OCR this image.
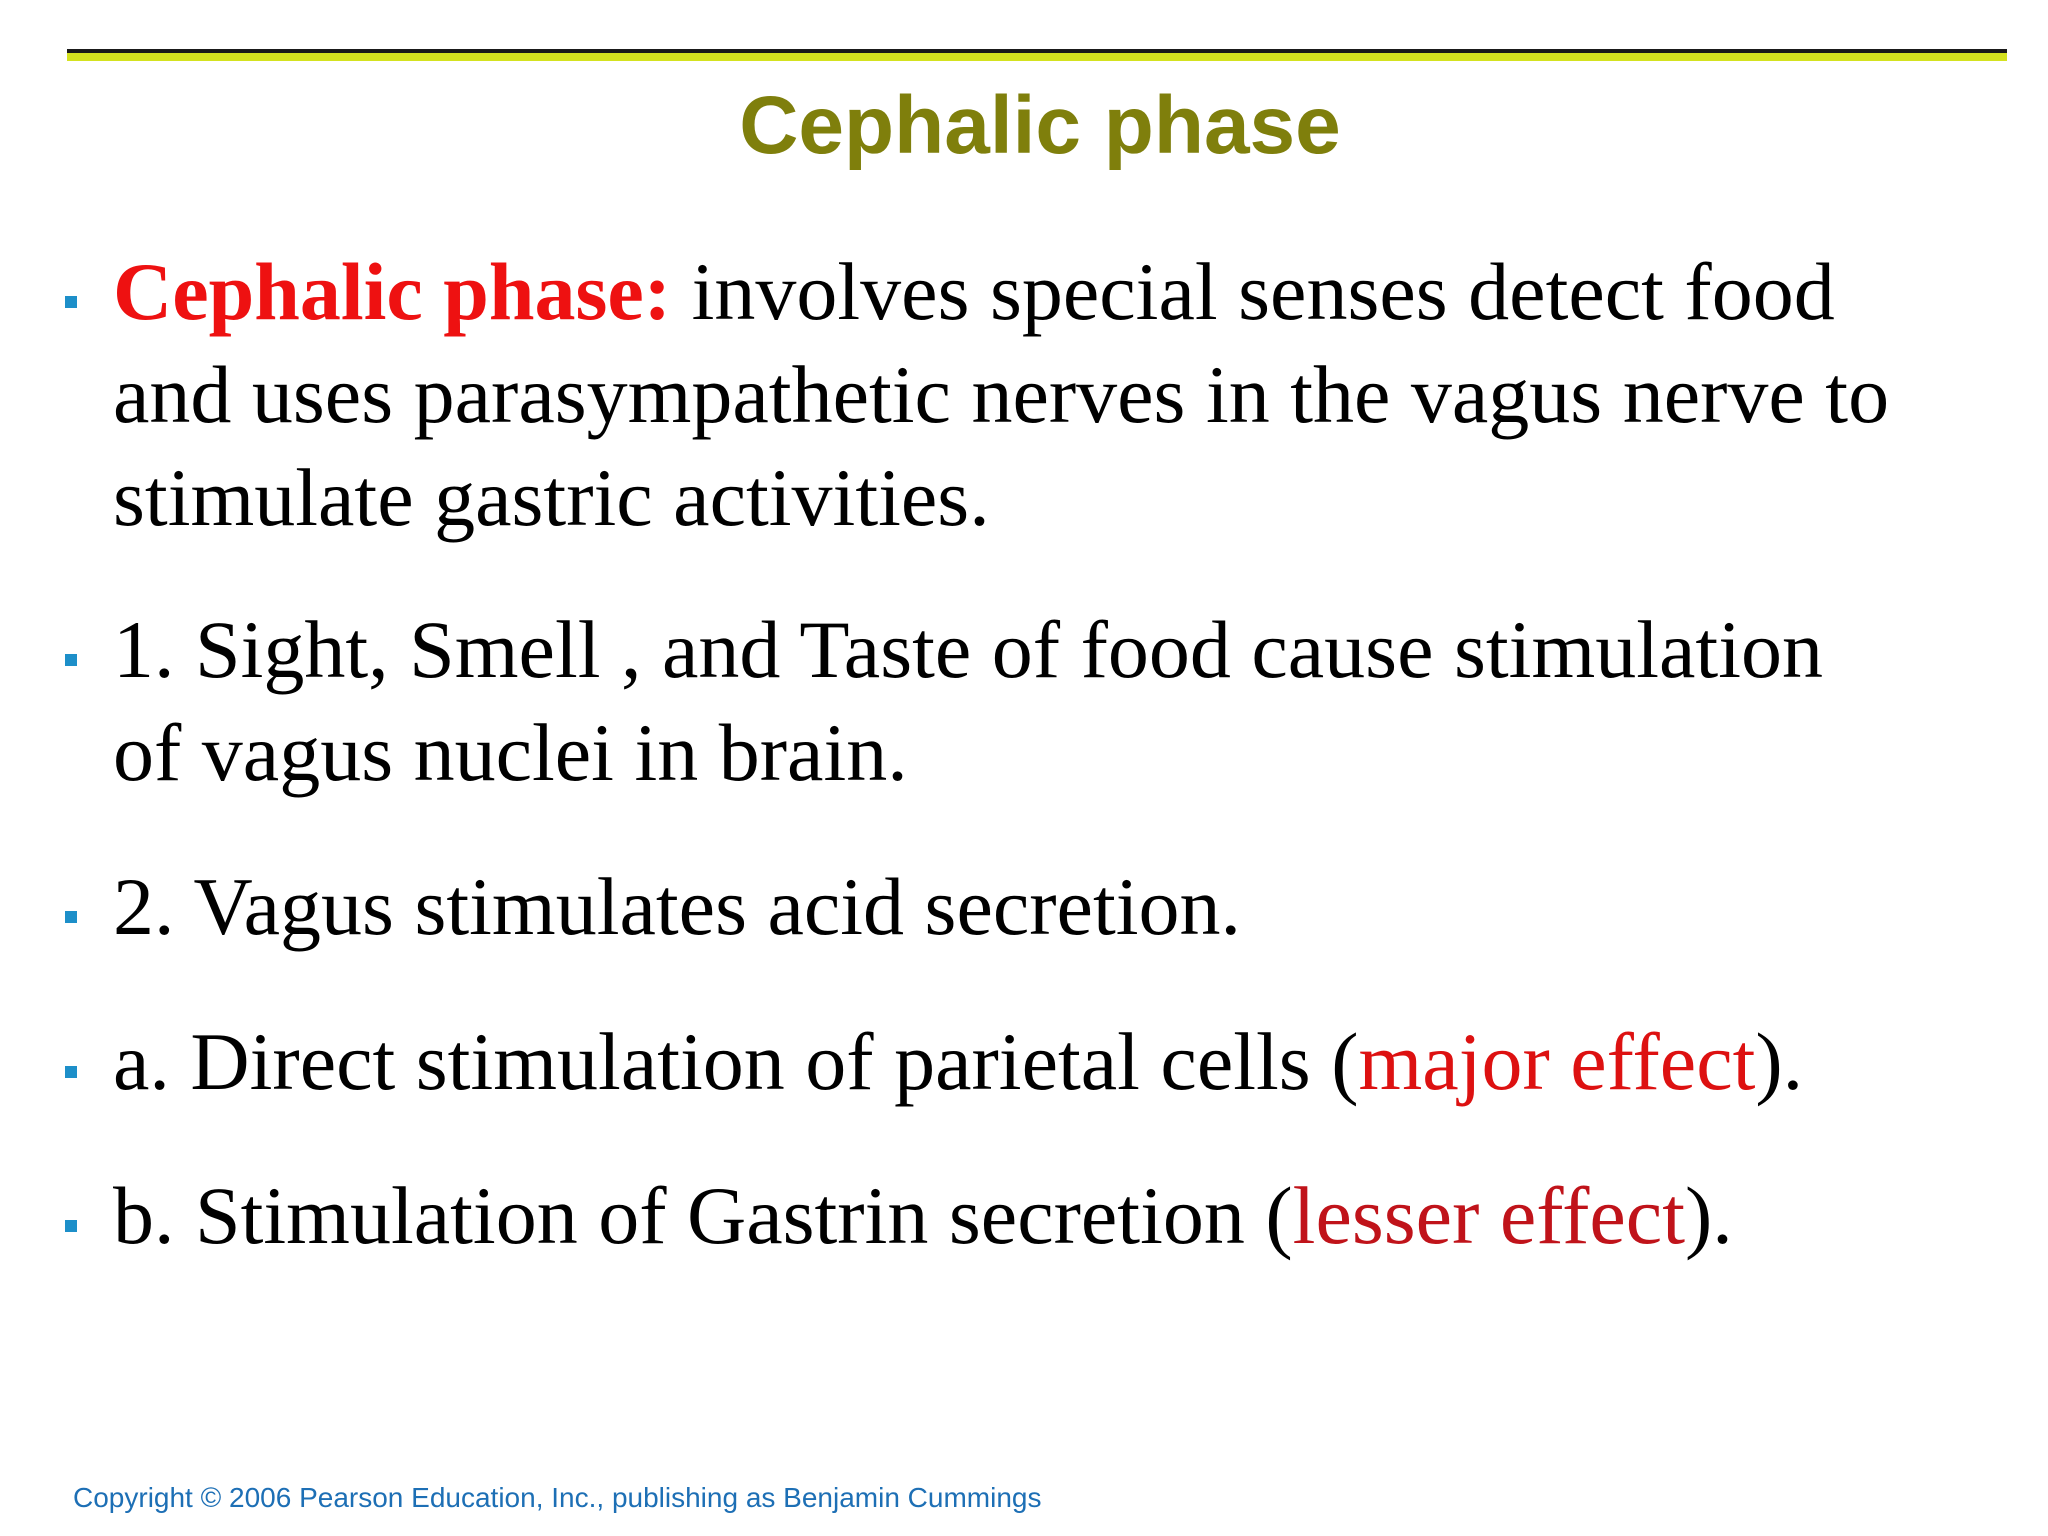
Cephalic phase
Cephalic phase: involves special senses detect food
and uses parasympathetic nerves in the vagus nerve to
stimulate gastric activities.
1. Sight, Smell , and Taste of food cause stimulation
of vagus nuclei in brain.
2. Vagus stimulates acid secretion.
a. Direct stimulation of parietal cells (major effect).
b. Stimulation of Gastrin secretion (lesser effect).
Copyright © 2006 Pearson Education, Inc., publishing as Benjamin Cummings
